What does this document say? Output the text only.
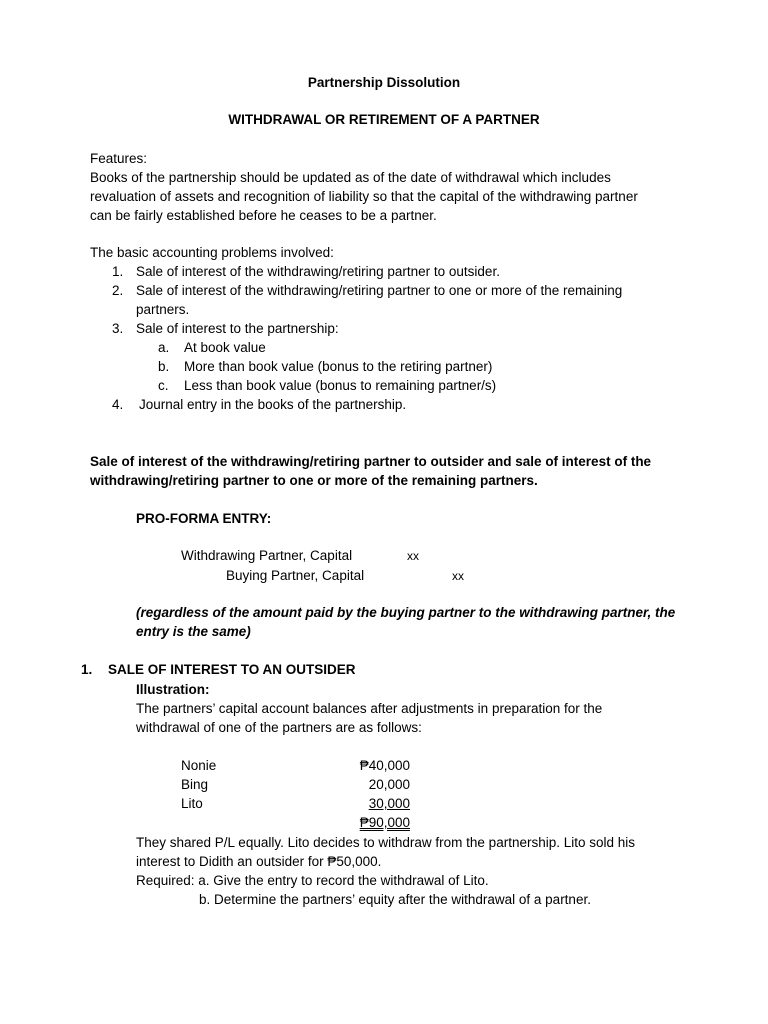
Partnership Dissolution
WITHDRAWAL OR RETIREMENT OF A PARTNER
Features:
Books of the partnership should be updated as of the date of withdrawal which includes
revaluation of assets and recognition of liability so that the capital of the withdrawing partner
can be fairly established before he ceases to be a partner.
The basic accounting problems involved:
1. Sale of interest of the withdrawing/retiring partner to outsider.
2. Sale of interest of the withdrawing/retiring partner to one or more of the remaining
partners.
3. Sale of interest to the partnership:
a. At book value
b. More than book value (bonus to the retiring partner)
c. Less than book value (bonus to remaining partner/s)
4. Journal entry in the books of the partnership.
Sale of interest of the withdrawing/retiring partner to outsider and sale of interest of the
withdrawing/retiring partner to one or more of the remaining partners.
PRO-FORMA ENTRY:
Withdrawing Partner, Capital	xx
Buying Partner, Capital	xx
(regardless of the amount paid by the buying partner to the withdrawing partner, the
entry is the same)
1. SALE OF INTEREST TO AN OUTSIDER
Illustration:
The partners’ capital account balances after adjustments in preparation for the
withdrawal of one of the partners are as follows:
Nonie	₱40,000
Bing	20,000
Lito	30,000
₱90,000
They shared P/L equally. Lito decides to withdraw from the partnership. Lito sold his
interest to Didith an outsider for ₱50,000.
Required: a. Give the entry to record the withdrawal of Lito.
b. Determine the partners’ equity after the withdrawal of a partner.
